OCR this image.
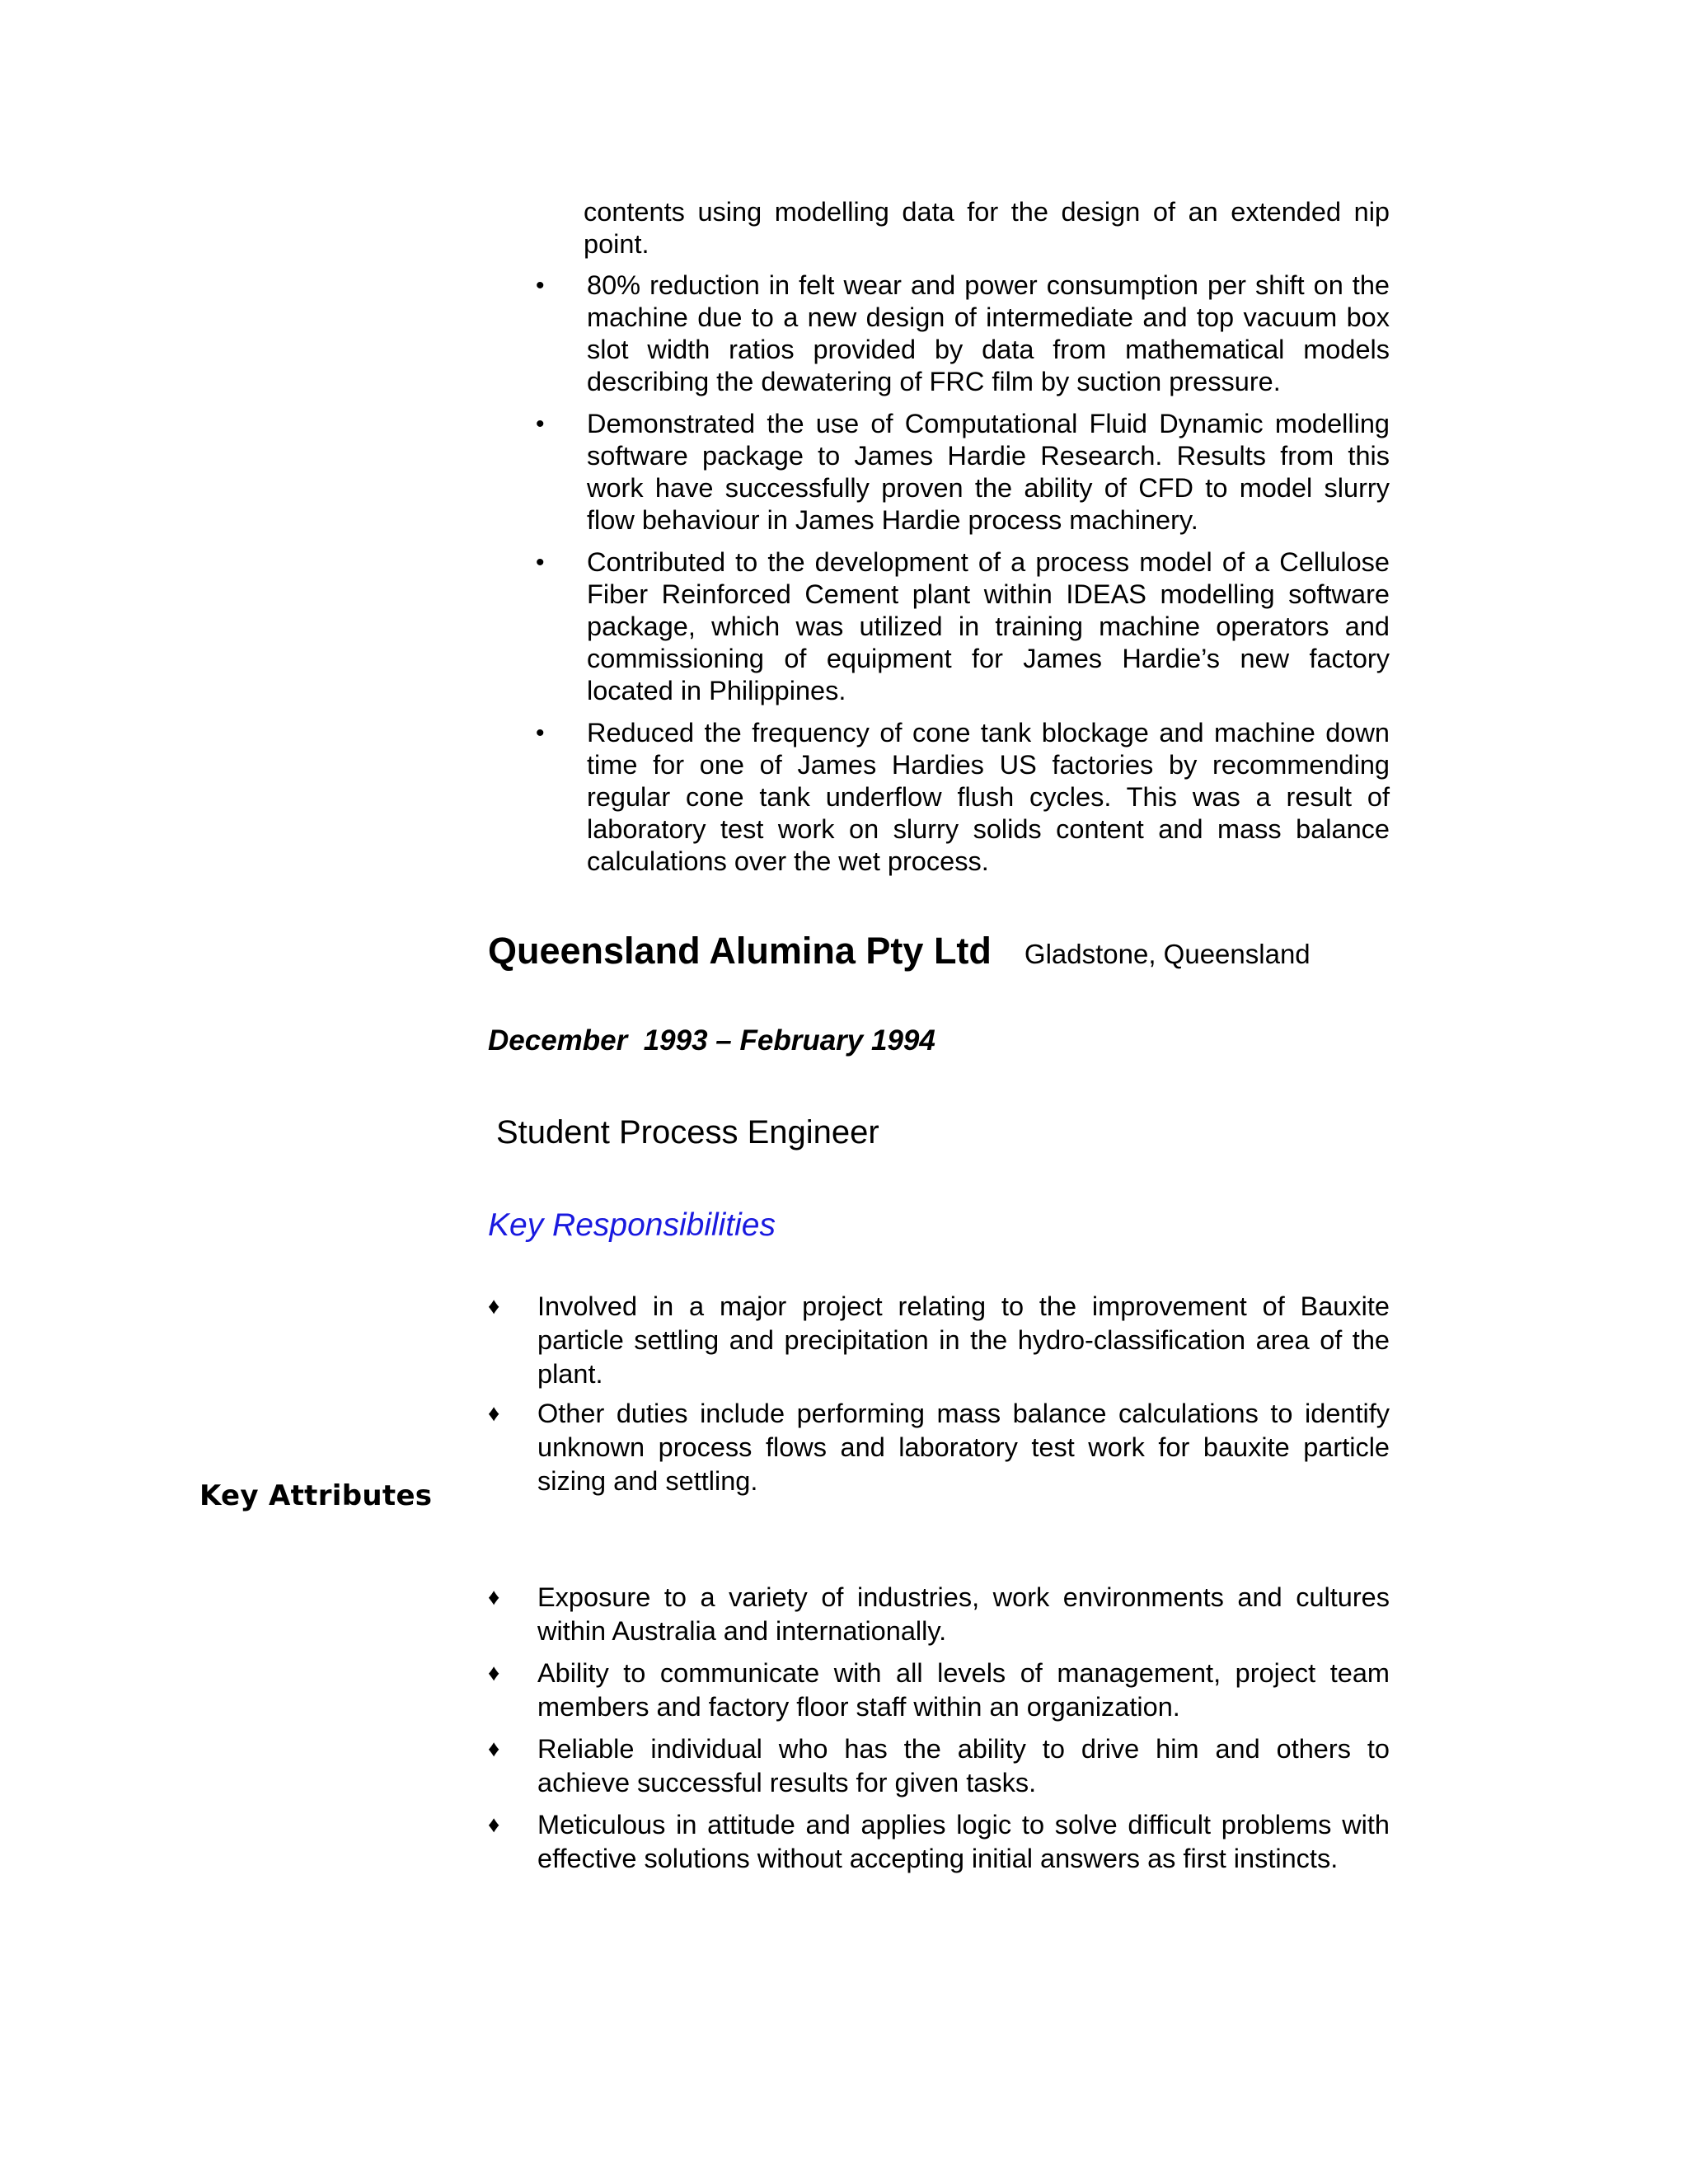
contents using modelling data for the design of an extended nip point.

•	80% reduction in felt wear and power consumption per shift on the machine due to a new design of intermediate and top vacuum box slot width ratios provided by data from mathematical models describing the dewatering of FRC film by suction pressure.
•	Demonstrated the use of Computational Fluid Dynamic modelling software package to James Hardie Research. Results from this work have successfully proven the ability of CFD to model slurry flow behaviour in James Hardie process machinery.
•	Contributed to the development of a process model of a Cellulose Fiber Reinforced Cement plant within IDEAS modelling software package, which was utilized in training machine operators and commissioning of equipment for James Hardie’s new factory located in Philippines.
•	Reduced the frequency of cone tank blockage and machine down time for one of James Hardies US factories by recommending regular cone tank underflow flush cycles. This was a result of laboratory test work on slurry solids content and mass balance calculations over the wet process.
Queensland Alumina Pty Ltd Gladstone, Queensland
December  1993 – February 1994
Student Process Engineer
Key Responsibilities
♦	Involved in a major project relating to the improvement of Bauxite particle settling and precipitation in the hydro-classification area of the plant.
♦	Other duties include performing mass balance calculations to identify unknown process flows and laboratory test work for bauxite particle sizing and settling.
Key Attributes
♦	Exposure to a variety of industries, work environments and cultures within Australia and internationally.
♦	Ability to communicate with all levels of management, project team members and factory floor staff within an organization.
♦	Reliable individual who has the ability to drive him and others to achieve successful results for given tasks.
♦	Meticulous in attitude and applies logic to solve difficult problems with effective solutions without accepting initial answers as first instincts.
